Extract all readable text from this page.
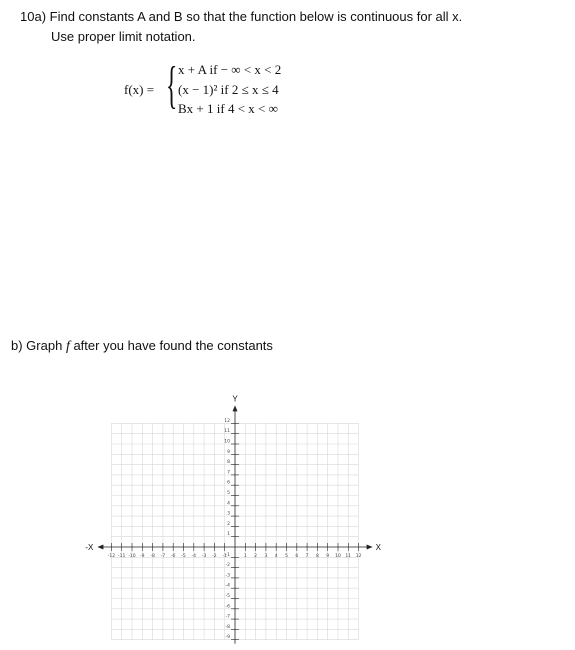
10a) Find constants A and B so that the function below is continuous for all x.
Use proper limit notation.
f(x) = { x + A if − ∞ < x < 2
(x − 1)² if 2 ≤ x ≤ 4
Bx + 1 if 4 < x < ∞
b) Graph f after you have found the constants
-12 -11 -10 -9 -8 -7 -6 -5 -4 -3 -2 -1	1 2 3 4 5 6 7 8 9 10 11 12
12
11
10
9
8
7
6
5
4
3
2
1
-1
-2
-3
-4
-5
-6
-7
-8
-9
X
-X
Y
